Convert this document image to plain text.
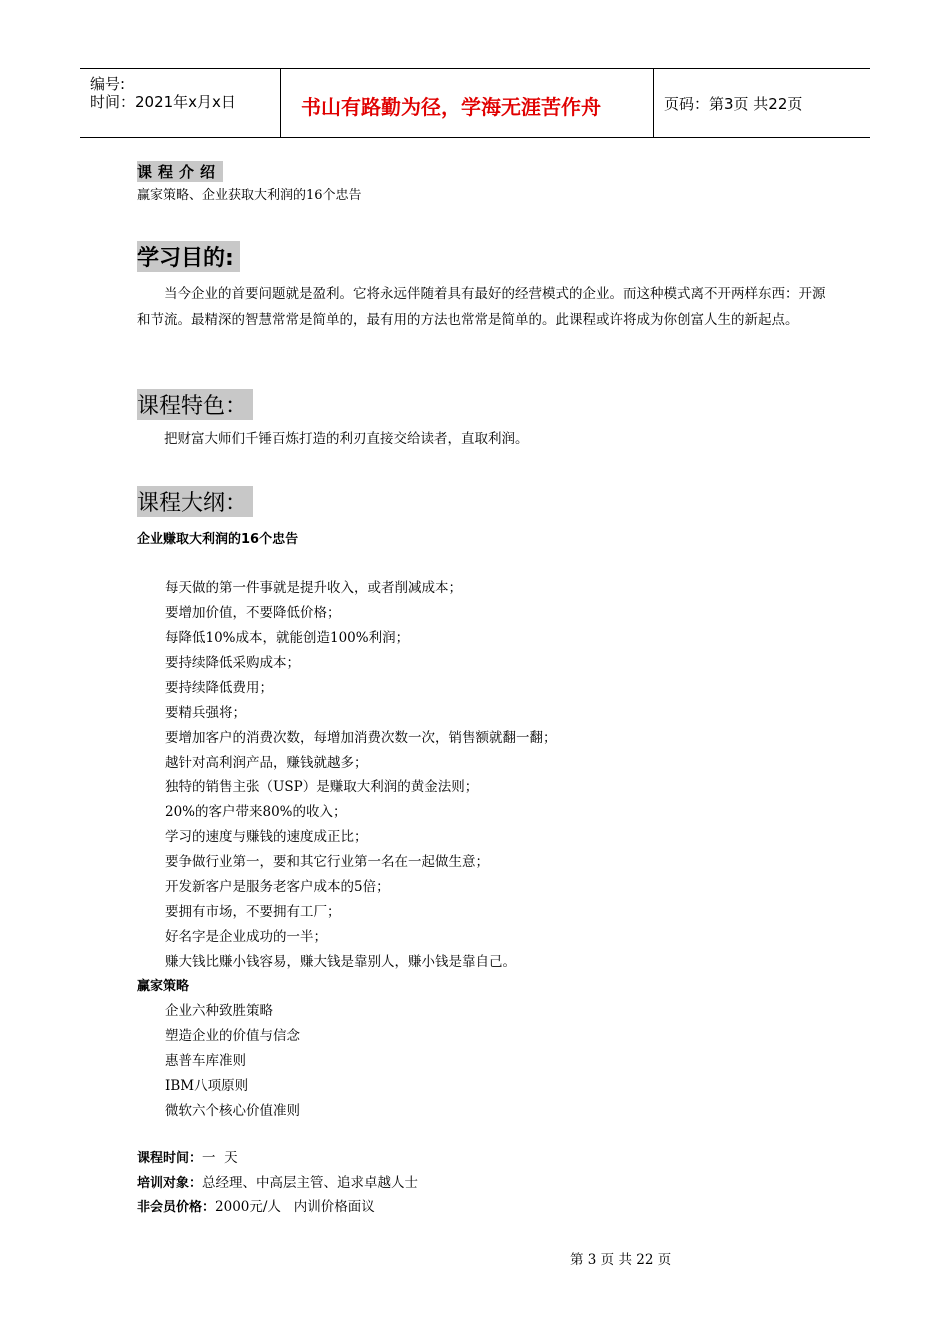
编号:
时间：2021年x月x日	书山有路勤为径，学海无涯苦作舟	页码：第3页 共22页
课程介绍
赢家策略、企业获取大利润的16个忠告
学习目的:
当今企业的首要问题就是盈利。它将永远伴随着具有最好的经营模式的企业。而这种模式离不开两样东西：开源和节流。最精深的智慧常常是简单的，最有用的方法也常常是简单的。此课程或许将成为你创富人生的新起点。
课程特色：
把财富大师们千锤百炼打造的利刃直接交给读者，直取利润。
课程大纲：
企业赚取大利润的16个忠告
每天做的第一件事就是提升收入，或者削减成本；
要增加价值，不要降低价格；
每降低10%成本，就能创造100%利润；
要持续降低采购成本；
要持续降低费用；
要精兵强将；
要增加客户的消费次数，每增加消费次数一次，销售额就翻一翻；
越针对高利润产品，赚钱就越多；
独特的销售主张（USP）是赚取大利润的黄金法则；
20%的客户带来80%的收入；
学习的速度与赚钱的速度成正比；
要争做行业第一，要和其它行业第一名在一起做生意；
开发新客户是服务老客户成本的5倍；
要拥有市场，不要拥有工厂；
好名字是企业成功的一半；
赚大钱比赚小钱容易，赚大钱是靠别人，赚小钱是靠自己。
赢家策略
企业六种致胜策略
塑造企业的价值与信念
惠普车库准则
IBM八项原则
微软六个核心价值准则
课程时间：一  天
培训对象：总经理、中高层主管、追求卓越人士
非会员价格：2000元/人   内训价格面议
第 3 页 共 22 页
